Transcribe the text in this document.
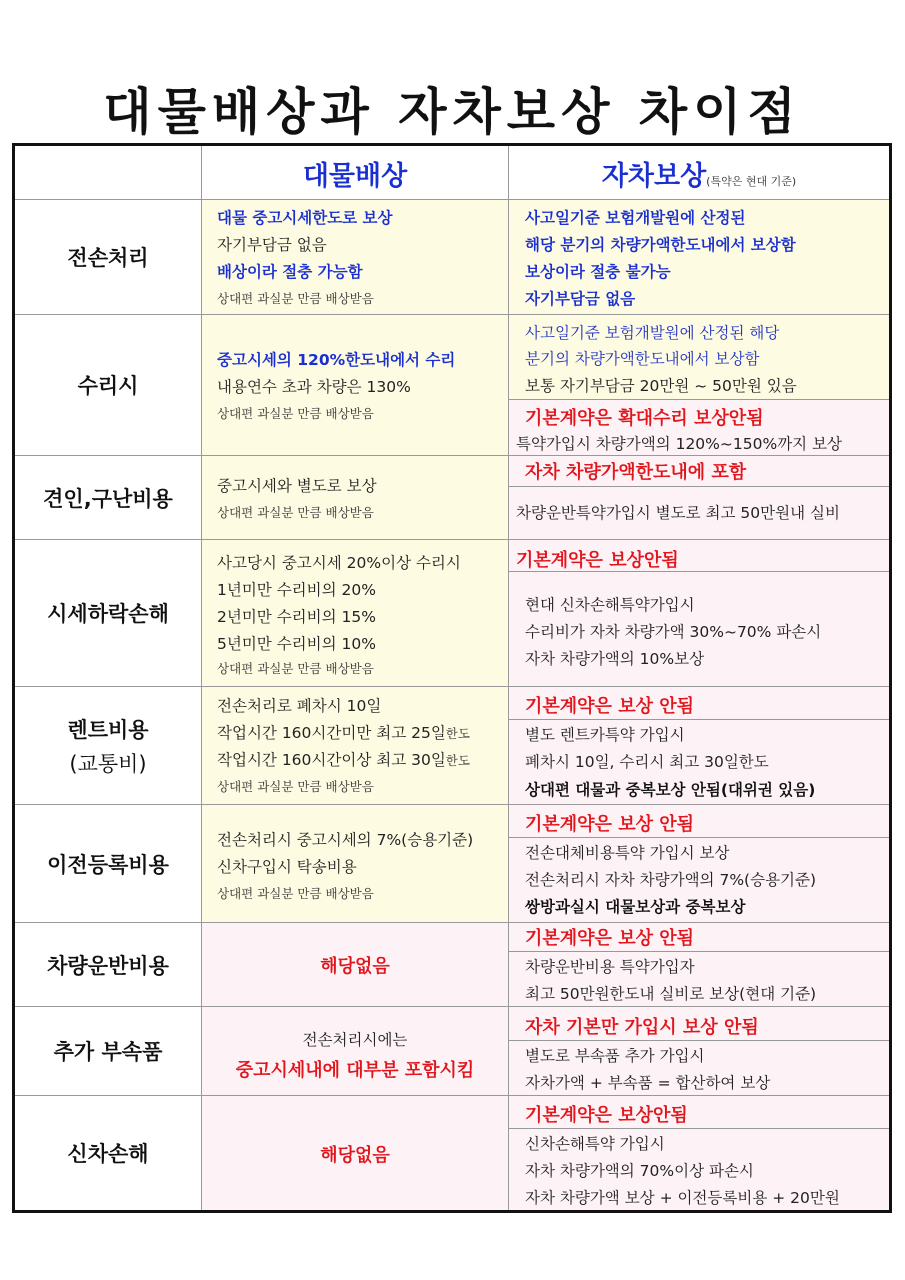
대물배상과 자차보상 차이점
대물배상	자차보상(특약은 현대 기준)
전손처리
수리시
견인,구난비용
시세하락손해
렌트비용
(교통비)
이전등록비용
차량운반비용
추가 부속품
신차손해
대물 중고시세한도로 보상
자기부담금 없음
배상이라 절충 가능함
상대편 과실분 만큼 배상받음
사고일기준 보험개발원에 산정된
해당 분기의 차량가액한도내에서 보상함
보상이라 절충 불가능
자기부담금 없음
중고시세의 120%한도내에서 수리
내용연수 초과 차량은 130%
상대편 과실분 만큼 배상받음
사고일기준 보험개발원에 산정된 해당
분기의 차량가액한도내에서 보상함
보통 자기부담금 20만원 ~ 50만원 있음
기본계약은 확대수리 보상안됨
특약가입시 차량가액의 120%~150%까지 보상
중고시세와 별도로 보상
상대편 과실분 만큼 배상받음
자차 차량가액한도내에 포함
차량운반특약가입시 별도로 최고 50만원내 실비
사고당시 중고시세 20%이상 수리시
1년미만 수리비의 20%
2년미만 수리비의 15%
5년미만 수리비의 10%
상대편 과실분 만큼 배상받음
기본계약은 보상안됨
현대 신차손해특약가입시
수리비가 자차 차량가액 30%~70% 파손시
자차 차량가액의 10%보상
전손처리로 폐차시 10일
작업시간 160시간미만 최고 25일한도
작업시간 160시간이상 최고 30일한도
상대편 과실분 만큼 배상받음
기본계약은 보상 안됨
별도 렌트카특약 가입시
폐차시 10일, 수리시 최고 30일한도
상대편 대물과 중복보상 안됨(대위권 있음)
전손처리시 중고시세의 7%(승용기준)
신차구입시 탁송비용
상대편 과실분 만큼 배상받음
기본계약은 보상 안됨
전손대체비용특약 가입시 보상
전손처리시 자차 차량가액의 7%(승용기준)
쌍방과실시 대물보상과 중복보상
해당없음
기본계약은 보상 안됨
차량운반비용 특약가입자
최고 50만원한도내 실비로 보상(현대 기준)
전손처리시에는
중고시세내에 대부분 포함시킴
자차 기본만 가입시 보상 안됨
별도로 부속품 추가 가입시
자차가액 + 부속품 = 합산하여 보상
해당없음
기본계약은 보상안됨
신차손해특약 가입시
자차 차량가액의 70%이상 파손시
자차 차량가액 보상 + 이전등록비용 + 20만원
